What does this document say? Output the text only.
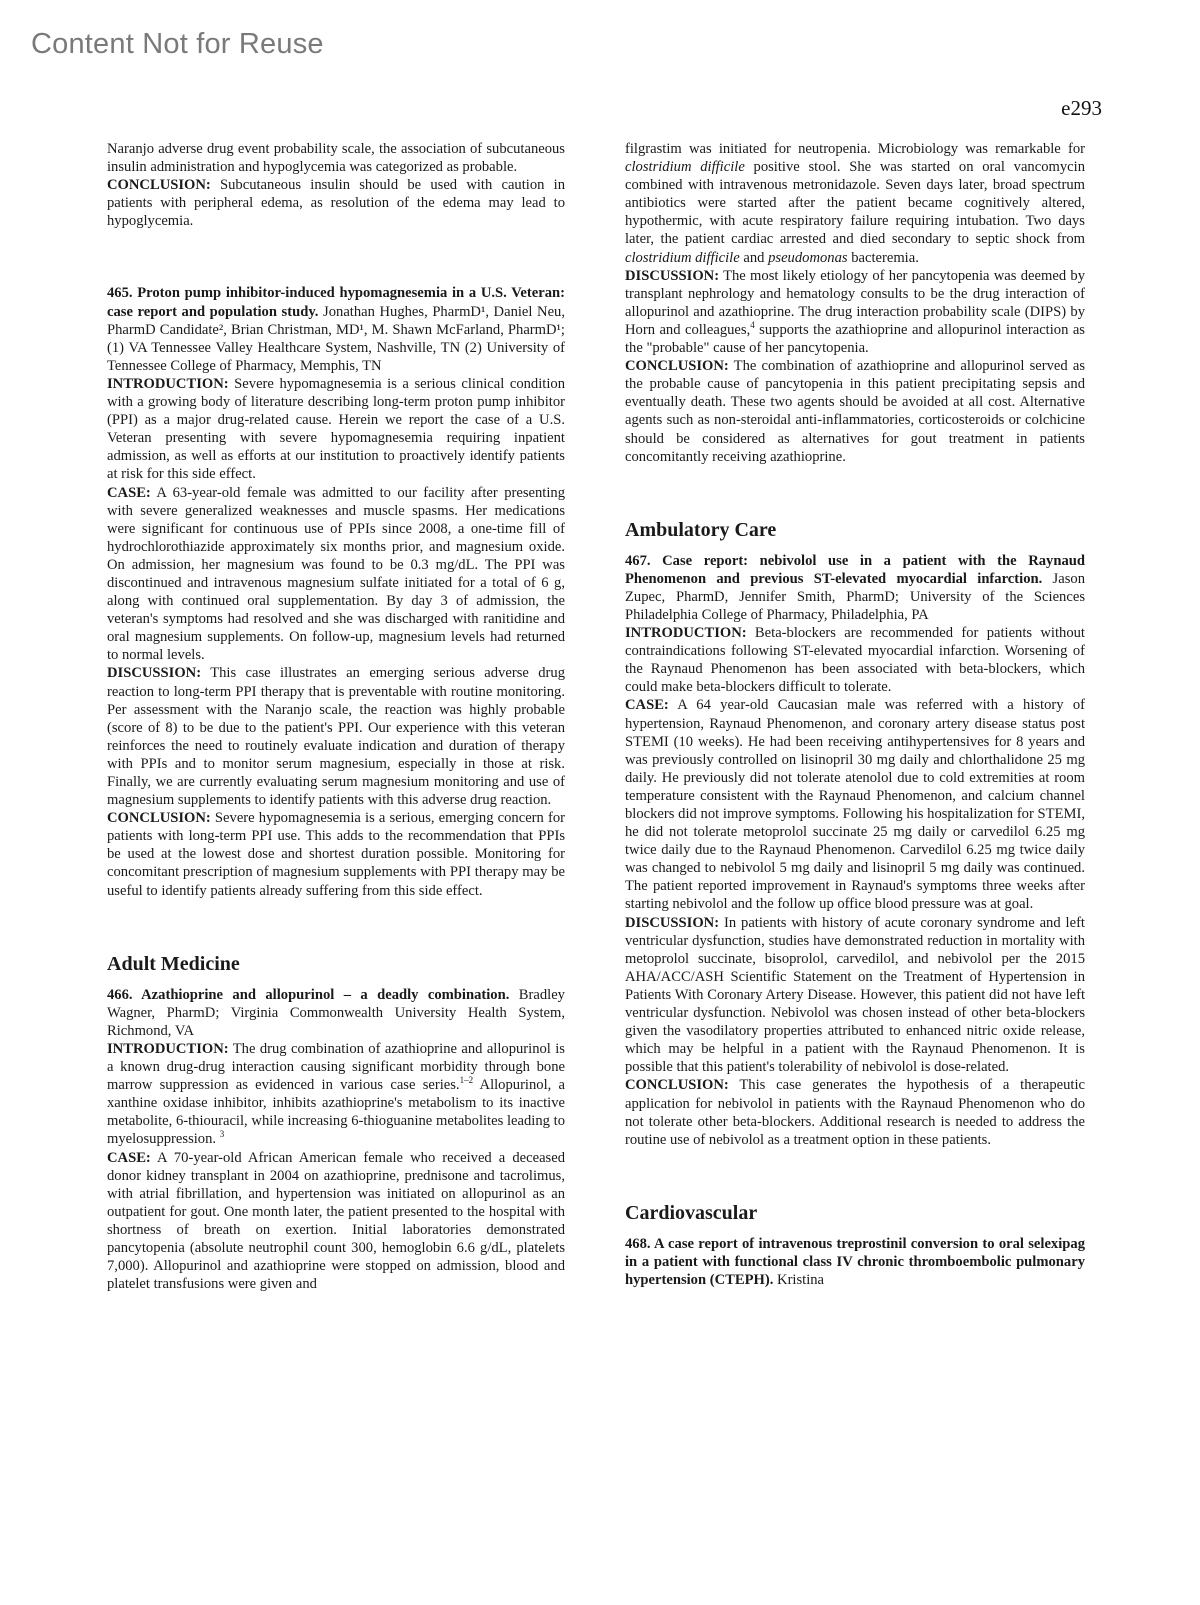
Content Not for Reuse
e293

Naranjo adverse drug event probability scale, the association of subcutaneous insulin administration and hypoglycemia was categorized as probable.

CONCLUSION: Subcutaneous insulin should be used with caution in patients with peripheral edema, as resolution of the edema may lead to hypoglycemia.

465. Proton pump inhibitor-induced hypomagnesemia in a U.S. Veteran: case report and population study. Jonathan Hughes, PharmD¹, Daniel Neu, PharmD Candidate², Brian Christman, MD¹, M. Shawn McFarland, PharmD¹; (1) VA Tennessee Valley Healthcare System, Nashville, TN (2) University of Tennessee College of Pharmacy, Memphis, TN

INTRODUCTION: Severe hypomagnesemia is a serious clinical condition with a growing body of literature describing long-term proton pump inhibitor (PPI) as a major drug-related cause. Herein we report the case of a U.S. Veteran presenting with severe hypomagnesemia requiring inpatient admission, as well as efforts at our institution to proactively identify patients at risk for this side effect.

CASE: A 63-year-old female was admitted to our facility after presenting with severe generalized weaknesses and muscle spasms. Her medications were significant for continuous use of PPIs since 2008, a one-time fill of hydrochlorothiazide approximately six months prior, and magnesium oxide. On admission, her magnesium was found to be 0.3 mg/dL. The PPI was discontinued and intravenous magnesium sulfate initiated for a total of 6 g, along with continued oral supplementation. By day 3 of admission, the veteran's symptoms had resolved and she was discharged with ranitidine and oral magnesium supplements. On follow-up, magnesium levels had returned to normal levels.

DISCUSSION: This case illustrates an emerging serious adverse drug reaction to long-term PPI therapy that is preventable with routine monitoring. Per assessment with the Naranjo scale, the reaction was highly probable (score of 8) to be due to the patient's PPI. Our experience with this veteran reinforces the need to routinely evaluate indication and duration of therapy with PPIs and to monitor serum magnesium, especially in those at risk. Finally, we are currently evaluating serum magnesium monitoring and use of magnesium supplements to identify patients with this adverse drug reaction.

CONCLUSION: Severe hypomagnesemia is a serious, emerging concern for patients with long-term PPI use. This adds to the recommendation that PPIs be used at the lowest dose and shortest duration possible. Monitoring for concomitant prescription of magnesium supplements with PPI therapy may be useful to identify patients already suffering from this side effect.

Adult Medicine

466. Azathioprine and allopurinol – a deadly combination. Bradley Wagner, PharmD; Virginia Commonwealth University Health System, Richmond, VA

INTRODUCTION: The drug combination of azathioprine and allopurinol is a known drug-drug interaction causing significant morbidity through bone marrow suppression as evidenced in various case series.$^{1-2}$ Allopurinol, a xanthine oxidase inhibitor, inhibits azathioprine's metabolism to its inactive metabolite, 6-thiouracil, while increasing 6-thioguanine metabolites leading to myelosuppression. $^3$

CASE: A 70-year-old African American female who received a deceased donor kidney transplant in 2004 on azathioprine, prednisone and tacrolimus, with atrial fibrillation, and hypertension was initiated on allopurinol as an outpatient for gout. One month later, the patient presented to the hospital with shortness of breath on exertion. Initial laboratories demonstrated pancytopenia (absolute neutrophil count 300, hemoglobin 6.6 g/dL, platelets 7,000). Allopurinol and azathioprine were stopped on admission, blood and platelet transfusions were given and

filgrastim was initiated for neutropenia. Microbiology was remarkable for clostridium difficile positive stool. She was started on oral vancomycin combined with intravenous metronidazole. Seven days later, broad spectrum antibiotics were started after the patient became cognitively altered, hypothermic, with acute respiratory failure requiring intubation. Two days later, the patient cardiac arrested and died secondary to septic shock from clostridium difficile and pseudomonas bacteremia.

DISCUSSION: The most likely etiology of her pancytopenia was deemed by transplant nephrology and hematology consults to be the drug interaction of allopurinol and azathioprine. The drug interaction probability scale (DIPS) by Horn and colleagues,$^4$ supports the azathioprine and allopurinol interaction as the "probable" cause of her pancytopenia.

CONCLUSION: The combination of azathioprine and allopurinol served as the probable cause of pancytopenia in this patient precipitating sepsis and eventually death. These two agents should be avoided at all cost. Alternative agents such as non-steroidal anti-inflammatories, corticosteroids or colchicine should be considered as alternatives for gout treatment in patients concomitantly receiving azathioprine.

Ambulatory Care

467. Case report: nebivolol use in a patient with the Raynaud Phenomenon and previous ST-elevated myocardial infarction. Jason Zupec, PharmD, Jennifer Smith, PharmD; University of the Sciences Philadelphia College of Pharmacy, Philadelphia, PA

INTRODUCTION: Beta-blockers are recommended for patients without contraindications following ST-elevated myocardial infarction. Worsening of the Raynaud Phenomenon has been associated with beta-blockers, which could make beta-blockers difficult to tolerate.

CASE: A 64 year-old Caucasian male was referred with a history of hypertension, Raynaud Phenomenon, and coronary artery disease status post STEMI (10 weeks). He had been receiving antihypertensives for 8 years and was previously controlled on lisinopril 30 mg daily and chlorthalidone 25 mg daily. He previously did not tolerate atenolol due to cold extremities at room temperature consistent with the Raynaud Phenomenon, and calcium channel blockers did not improve symptoms. Following his hospitalization for STEMI, he did not tolerate metoprolol succinate 25 mg daily or carvedilol 6.25 mg twice daily due to the Raynaud Phenomenon. Carvedilol 6.25 mg twice daily was changed to nebivolol 5 mg daily and lisinopril 5 mg daily was continued. The patient reported improvement in Raynaud's symptoms three weeks after starting nebivolol and the follow up office blood pressure was at goal.

DISCUSSION: In patients with history of acute coronary syndrome and left ventricular dysfunction, studies have demonstrated reduction in mortality with metoprolol succinate, bisoprolol, carvedilol, and nebivolol per the 2015 AHA/ACC/ASH Scientific Statement on the Treatment of Hypertension in Patients With Coronary Artery Disease. However, this patient did not have left ventricular dysfunction. Nebivolol was chosen instead of other beta-blockers given the vasodilatory properties attributed to enhanced nitric oxide release, which may be helpful in a patient with the Raynaud Phenomenon. It is possible that this patient's tolerability of nebivolol is dose-related.

CONCLUSION: This case generates the hypothesis of a therapeutic application for nebivolol in patients with the Raynaud Phenomenon who do not tolerate other beta-blockers. Additional research is needed to address the routine use of nebivolol as a treatment option in these patients.

Cardiovascular

468. A case report of intravenous treprostinil conversion to oral selexipag in a patient with functional class IV chronic thromboembolic pulmonary hypertension (CTEPH). Kristina
